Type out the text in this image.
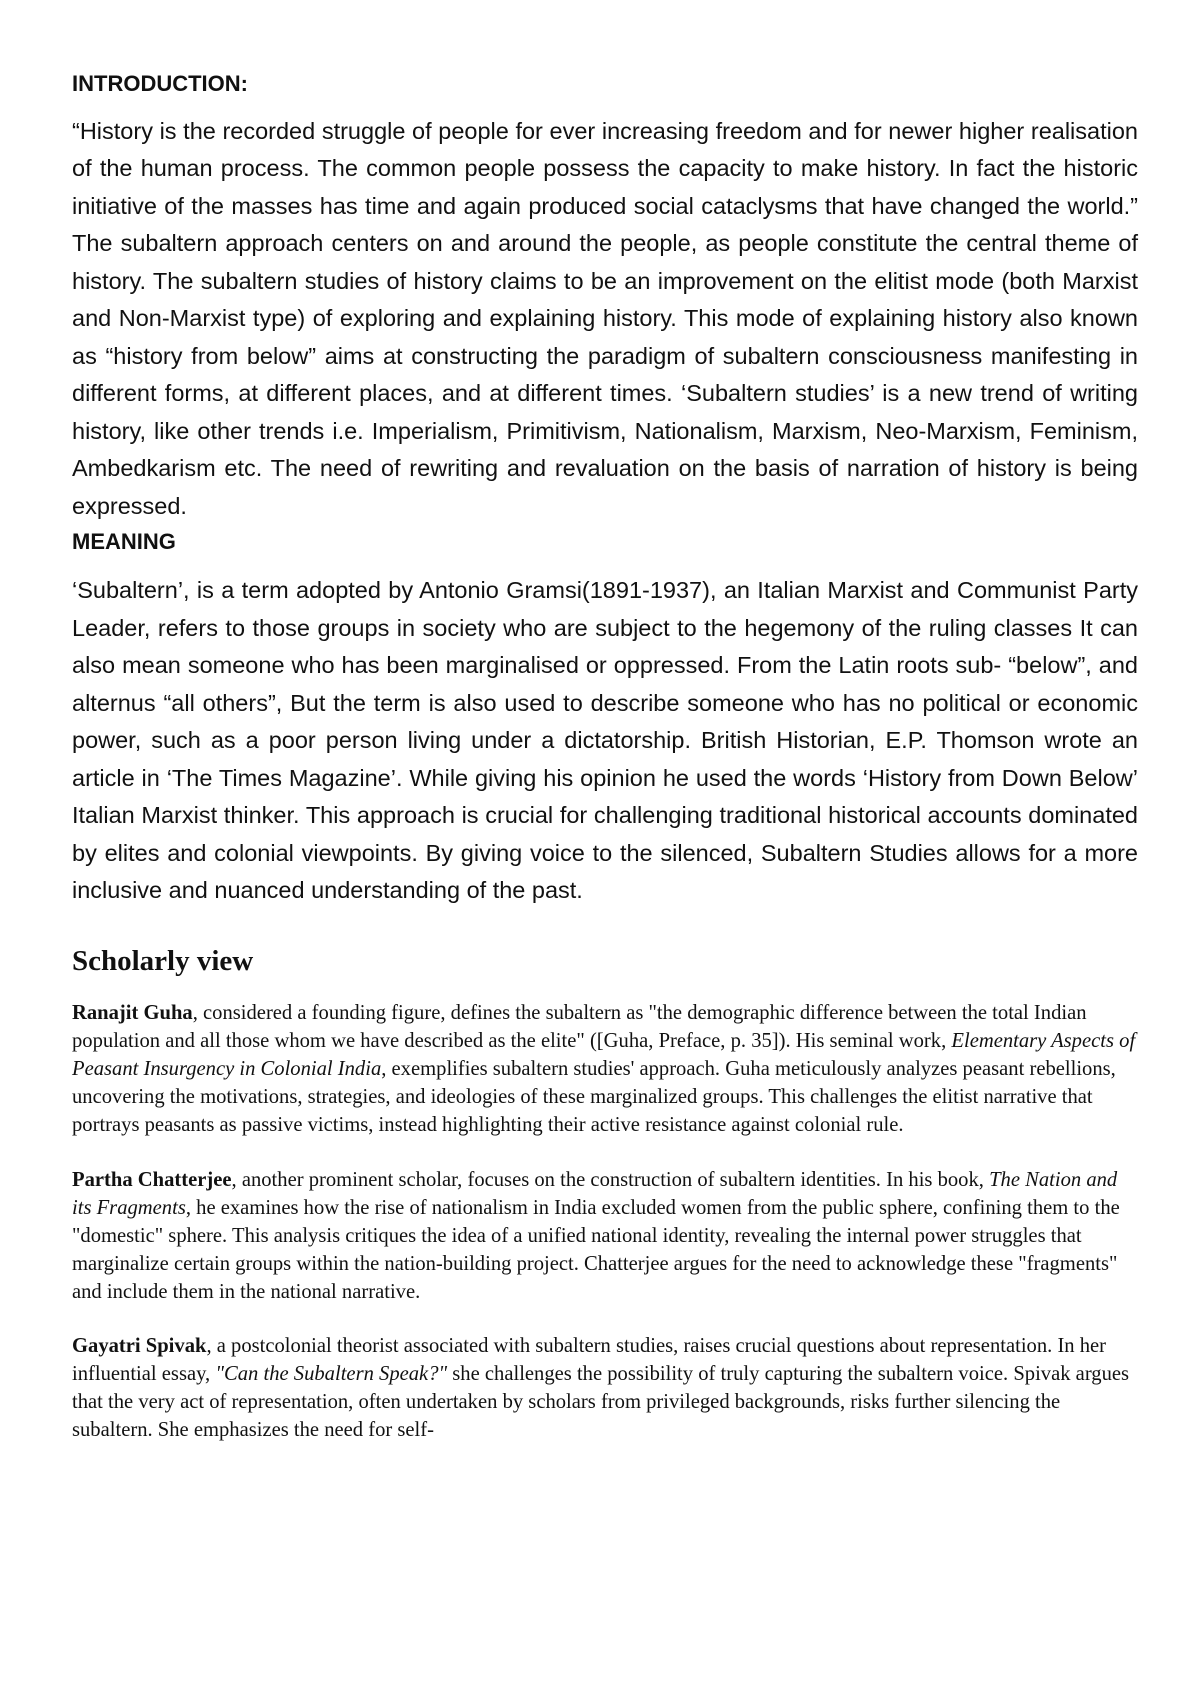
INTRODUCTION:

“History is the recorded struggle of people for ever increasing freedom and for newer higher realisation of the human process. The common people possess the capacity to make history. In fact the historic initiative of the masses has time and again produced social cataclysms that have changed the world.” The subaltern approach centers on and around the people, as people constitute the central theme of history. The subaltern studies of history claims to be an improvement on the elitist mode (both Marxist and Non-Marxist type) of exploring and explaining history. This mode of explaining history also known as “history from below” aims at constructing the paradigm of subaltern consciousness manifesting in different forms, at different places, and at different times. ‘Subaltern studies’ is a new trend of writing history, like other trends i.e. Imperialism, Primitivism, Nationalism, Marxism, Neo-Marxism, Feminism, Ambedkarism etc. The need of rewriting and revaluation on the basis of narration of history is being expressed.

MEANING

‘Subaltern’, is a term adopted by Antonio Gramsi(1891-1937), an Italian Marxist and Communist Party Leader, refers to those groups in society who are subject to the hegemony of the ruling classes It can also mean someone who has been marginalised or oppressed. From the Latin roots sub- “below”, and alternus “all others”, But the term is also used to describe someone who has no political or economic power, such as a poor person living under a dictatorship. British Historian, E.P. Thomson wrote an article in ‘The Times Magazine’. While giving his opinion he used the words ‘History from Down Below’ Italian Marxist thinker. This approach is crucial for challenging traditional historical accounts dominated by elites and colonial viewpoints. By giving voice to the silenced, Subaltern Studies allows for a more inclusive and nuanced understanding of the past.

Scholarly view

Ranajit Guha, considered a founding figure, defines the subaltern as "the demographic difference between the total Indian population and all those whom we have described as the elite" ([Guha, Preface, p. 35]). His seminal work, Elementary Aspects of Peasant Insurgency in Colonial India, exemplifies subaltern studies' approach. Guha meticulously analyzes peasant rebellions, uncovering the motivations, strategies, and ideologies of these marginalized groups. This challenges the elitist narrative that portrays peasants as passive victims, instead highlighting their active resistance against colonial rule.

Partha Chatterjee, another prominent scholar, focuses on the construction of subaltern identities. In his book, The Nation and its Fragments, he examines how the rise of nationalism in India excluded women from the public sphere, confining them to the "domestic" sphere. This analysis critiques the idea of a unified national identity, revealing the internal power struggles that marginalize certain groups within the nation-building project. Chatterjee argues for the need to acknowledge these "fragments" and include them in the national narrative.

Gayatri Spivak, a postcolonial theorist associated with subaltern studies, raises crucial questions about representation. In her influential essay, "Can the Subaltern Speak?" she challenges the possibility of truly capturing the subaltern voice. Spivak argues that the very act of representation, often undertaken by scholars from privileged backgrounds, risks further silencing the subaltern. She emphasizes the need for self-
